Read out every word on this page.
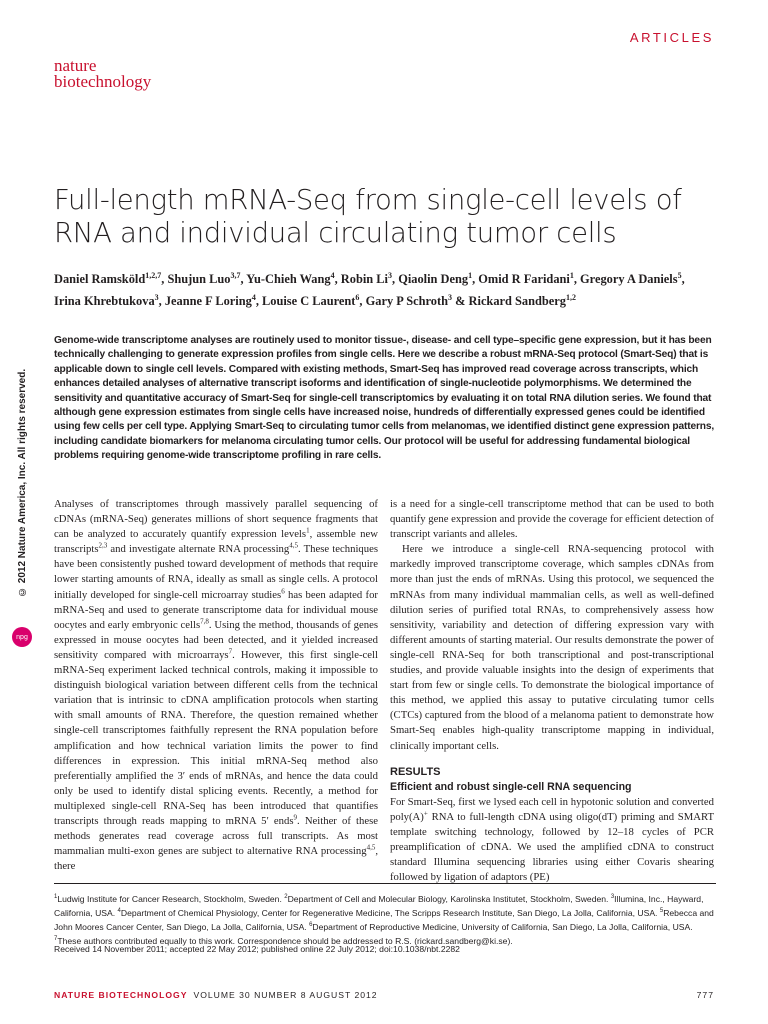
ARTICLES
nature
biotechnology
Full-length mRNA-Seq from single-cell levels of RNA and individual circulating tumor cells

Daniel Ramsköld$^{1,2,7}$, Shujun Luo$^{3,7}$, Yu-Chieh Wang$^4$, Robin Li$^3$, Qiaolin Deng$^1$, Omid R Faridani$^1$, Gregory A Daniels$^5$, Irina Khrebtukova$^3$, Jeanne F Loring$^4$, Louise C Laurent$^6$, Gary P Schroth$^3$ & Rickard Sandberg$^{1,2}$

Genome-wide transcriptome analyses are routinely used to monitor tissue-, disease- and cell type–specific gene expression, but it has been technically challenging to generate expression profiles from single cells. Here we describe a robust mRNA-Seq protocol (Smart-Seq) that is applicable down to single cell levels. Compared with existing methods, Smart-Seq has improved read coverage across transcripts, which enhances detailed analyses of alternative transcript isoforms and identification of single-nucleotide polymorphisms. We determined the sensitivity and quantitative accuracy of Smart-Seq for single-cell transcriptomics by evaluating it on total RNA dilution series. We found that although gene expression estimates from single cells have increased noise, hundreds of differentially expressed genes could be identified using few cells per cell type. Applying Smart-Seq to circulating tumor cells from melanomas, we identified distinct gene expression patterns, including candidate biomarkers for melanoma circulating tumor cells. Our protocol will be useful for addressing fundamental biological problems requiring genome-wide transcriptome profiling in rare cells.

© 2012 Nature America, Inc. All rights reserved.
npg

Analyses of transcriptomes through massively parallel sequencing of cDNAs (mRNA-Seq) generates millions of short sequence fragments that can be analyzed to accurately quantify expression levels$^1$, assemble new transcripts$^{2,3}$ and investigate alternate RNA processing$^{4,5}$. These techniques have been consistently pushed toward development of methods that require lower starting amounts of RNA, ideally as small as single cells. A protocol initially developed for single-cell microarray studies$^6$ has been adapted for mRNA-Seq and used to generate transcriptome data for individual mouse oocytes and early embryonic cells$^{7,8}$. Using the method, thousands of genes expressed in mouse oocytes had been detected, and it yielded increased sensitivity compared with microarrays$^7$. However, this first single-cell mRNA-Seq experiment lacked technical controls, making it impossible to distinguish biological variation between different cells from the technical variation that is intrinsic to cDNA amplification protocols when starting with small amounts of RNA. Therefore, the question remained whether single-cell transcriptomes faithfully represent the RNA population before amplification and how technical variation limits the power to find differences in expression. This initial mRNA-Seq method also preferentially amplified the 3′ ends of mRNAs, and hence the data could only be used to identify distal splicing events. Recently, a method for multiplexed single-cell RNA-Seq has been introduced that quantifies transcripts through reads mapping to mRNA 5′ ends$^9$. Neither of these methods generates read coverage across full transcripts. As most mammalian multi-exon genes are subject to alternative RNA processing$^{4,5}$, there

is a need for a single-cell transcriptome method that can be used to both quantify gene expression and provide the coverage for efficient detection of transcript variants and alleles.

Here we introduce a single-cell RNA-sequencing protocol with markedly improved transcriptome coverage, which samples cDNAs from more than just the ends of mRNAs. Using this protocol, we sequenced the mRNAs from many individual mammalian cells, as well as well-defined dilution series of purified total RNAs, to comprehensively assess how sensitivity, variability and detection of differing expression vary with different amounts of starting material. Our results demonstrate the power of single-cell RNA-Seq for both transcriptional and post-transcriptional studies, and provide valuable insights into the design of experiments that start from few or single cells. To demonstrate the biological importance of this method, we applied this assay to putative circulating tumor cells (CTCs) captured from the blood of a melanoma patient to demonstrate how Smart-Seq enables high-quality transcriptome mapping in individual, clinically important cells.

RESULTS
Efficient and robust single-cell RNA sequencing

For Smart-Seq, first we lysed each cell in hypotonic solution and converted poly(A)+ RNA to full-length cDNA using oligo(dT) priming and SMART template switching technology, followed by 12–18 cycles of PCR preamplification of cDNA. We used the amplified cDNA to construct standard Illumina sequencing libraries using either Covaris shearing followed by ligation of adaptors (PE)

$^1$Ludwig Institute for Cancer Research, Stockholm, Sweden. $^2$Department of Cell and Molecular Biology, Karolinska Institutet, Stockholm, Sweden. $^3$Illumina, Inc., Hayward, California, USA. $^4$Department of Chemical Physiology, Center for Regenerative Medicine, The Scripps Research Institute, San Diego, La Jolla, California, USA. $^5$Rebecca and John Moores Cancer Center, San Diego, La Jolla, California, USA. $^6$Department of Reproductive Medicine, University of California, San Diego, La Jolla, California, USA. $^7$These authors contributed equally to this work. Correspondence should be addressed to R.S. (rickard.sandberg@ki.se).

Received 14 November 2011; accepted 22 May 2012; published online 22 July 2012; doi:10.1038/nbt.2282

NATURE BIOTECHNOLOGY VOLUME 30 NUMBER 8 AUGUST 2012	777
